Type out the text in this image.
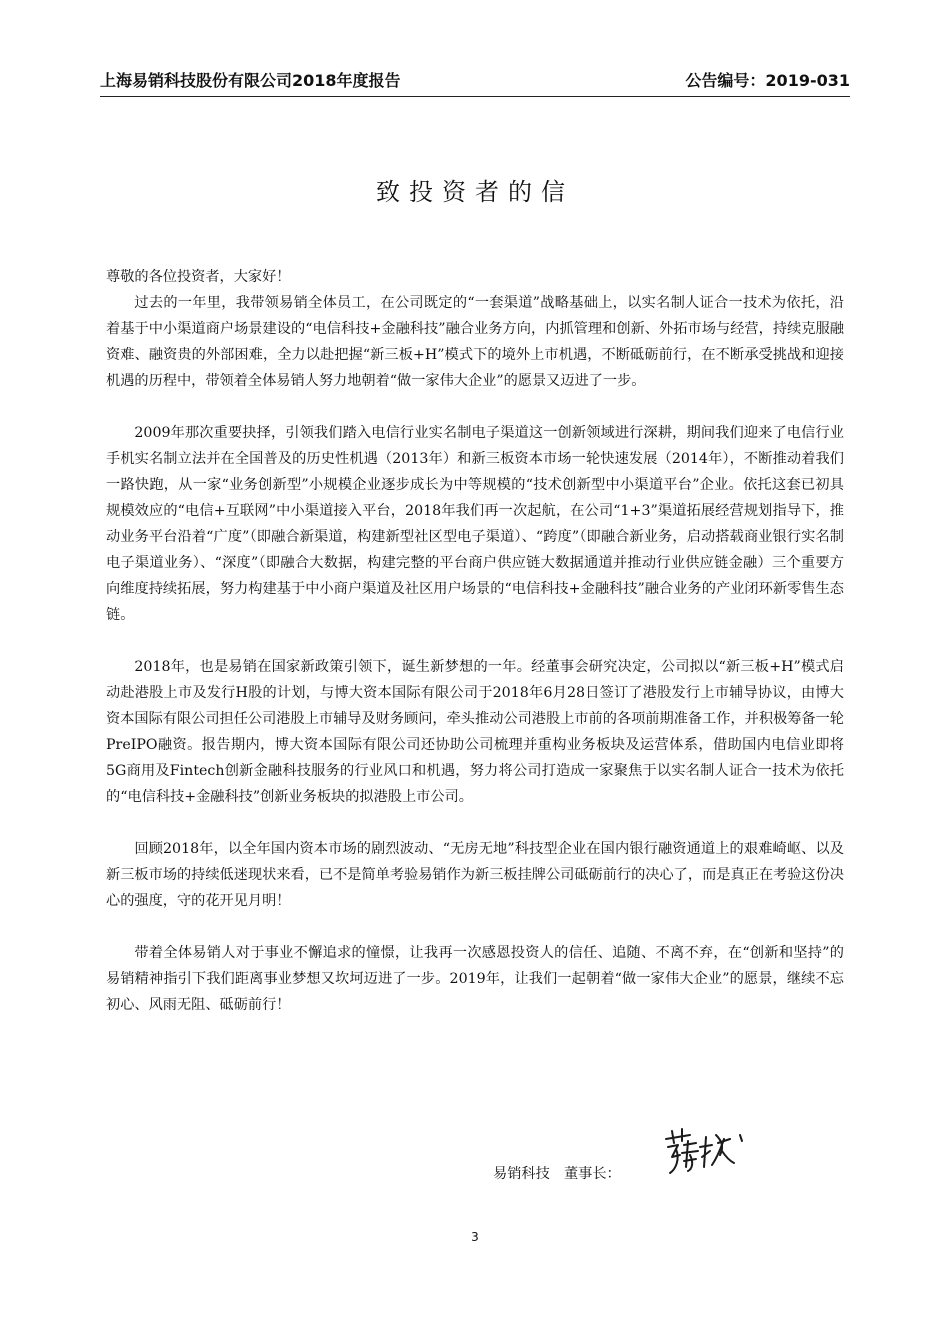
上海易销科技股份有限公司2018年度报告	公告编号：2019-031
致投资者的信

尊敬的各位投资者，大家好！

过去的一年里，我带领易销全体员工，在公司既定的“一套渠道”战略基础上，以实名制人证合一技术为依托，沿着基于中小渠道商户场景建设的“电信科技+金融科技”融合业务方向，内抓管理和创新、外拓市场与经营，持续克服融资难、融资贵的外部困难，全力以赴把握“新三板+H”模式下的境外上市机遇，不断砥砺前行，在不断承受挑战和迎接机遇的历程中，带领着全体易销人努力地朝着“做一家伟大企业”的愿景又迈进了一步。

2009年那次重要抉择，引领我们踏入电信行业实名制电子渠道这一创新领域进行深耕，期间我们迎来了电信行业手机实名制立法并在全国普及的历史性机遇（2013年）和新三板资本市场一轮快速发展（2014年），不断推动着我们一路快跑，从一家“业务创新型”小规模企业逐步成长为中等规模的“技术创新型中小渠道平台”企业。依托这套已初具规模效应的“电信+互联网”中小渠道接入平台，2018年我们再一次起航，在公司“1+3”渠道拓展经营规划指导下，推动业务平台沿着“广度”（即融合新渠道，构建新型社区型电子渠道）、“跨度”（即融合新业务，启动搭载商业银行实名制电子渠道业务）、“深度”（即融合大数据，构建完整的平台商户供应链大数据通道并推动行业供应链金融）三个重要方向维度持续拓展，努力构建基于中小商户渠道及社区用户场景的“电信科技+金融科技”融合业务的产业闭环新零售生态链。

2018年，也是易销在国家新政策引领下，诞生新梦想的一年。经董事会研究决定，公司拟以“新三板+H”模式启动赴港股上市及发行H股的计划，与博大资本国际有限公司于2018年6月28日签订了港股发行上市辅导协议，由博大资本国际有限公司担任公司港股上市辅导及财务顾问，牵头推动公司港股上市前的各项前期准备工作，并积极筹备一轮PreIPO融资。报告期内，博大资本国际有限公司还协助公司梳理并重构业务板块及运营体系，借助国内电信业即将5G商用及Fintech创新金融科技服务的行业风口和机遇，努力将公司打造成一家聚焦于以实名制人证合一技术为依托的“电信科技+金融科技”创新业务板块的拟港股上市公司。

回顾2018年，以全年国内资本市场的剧烈波动、“无房无地”科技型企业在国内银行融资通道上的艰难崎岖、以及新三板市场的持续低迷现状来看，已不是简单考验易销作为新三板挂牌公司砥砺前行的决心了，而是真正在考验这份决心的强度，守的花开见月明！

带着全体易销人对于事业不懈追求的憧憬，让我再一次感恩投资人的信任、追随、不离不弃，在“创新和坚持”的易销精神指引下我们距离事业梦想又坎坷迈进了一步。2019年，让我们一起朝着“做一家伟大企业”的愿景，继续不忘初心、风雨无阻、砥砺前行！

易销科技　董事长：
3
